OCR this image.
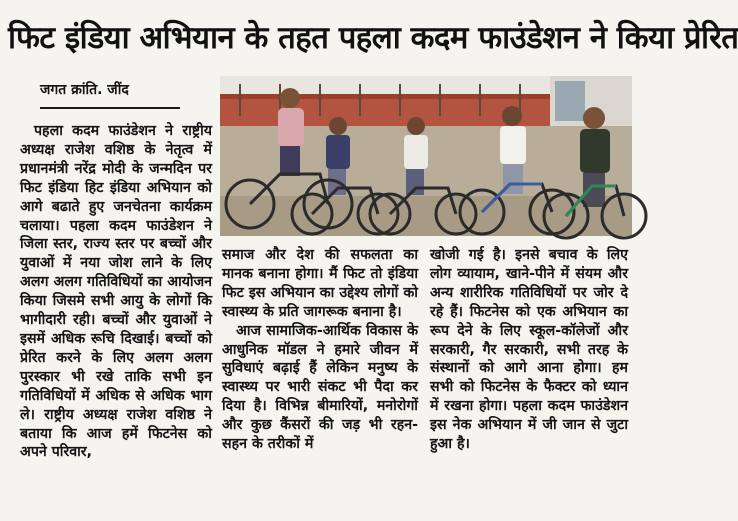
फिट इंडिया अभियान के तहत पहला कदम फाउंडेशन ने किया प्रेरित
जगत क्रांति. जींद

पहला कदम फाउंडेशन ने राष्ट्रीय अध्यक्ष राजेश वशिष्ठ के नेतृत्व में प्रधानमंत्री नरेंद्र मोदी के जन्मदिन पर फिट इंडिया हिट इंडिया अभियान को आगे बढाते हुए जनचेतना कार्यक्रम चलाया। पहला कदम फाउंडेशन ने जिला स्तर, राज्य स्तर पर बच्चों और युवाओं में नया जोश लाने के लिए अलग अलग गतिविधियों का आयोजन किया जिसमे सभी आयु के लोगों कि भागीदारी रही। बच्चों और युवाओं ने इसमें अधिक रूचि दिखाई। बच्चों को प्रेरित करने के लिए अलग अलग पुरस्कार भी रखे ताकि सभी इन गतिविधियों में अधिक से अधिक भाग ले। राष्ट्रीय अध्यक्ष राजेश वशिष्ठ ने बताया कि आज हमें फिटनेस को अपने परिवार,

समाज और देश की सफलता का मानक बनाना होगा। मैं फिट तो इंडिया फिट इस अभियान का उद्देश्य लोगों को स्वास्थ्य के प्रति जागरूक बनाना है।

आज सामाजिक-आर्थिक विकास के आधुनिक मॉडल ने हमारे जीवन में सुविधाएं बढ़ाई हैं लेकिन मनुष्य के स्वास्थ्य पर भारी संकट भी पैदा कर दिया है। विभिन्न बीमारियों, मनोरोगों और कुछ कैंसरों की जड़ भी रहन-सहन के तरीकों में

खोजी गई है। इनसे बचाव के लिए लोग व्यायाम, खाने-पीने में संयम और अन्य शारीरिक गतिविधियों पर जोर दे रहे हैं। फिटनेस को एक अभियान का रूप देने के लिए स्कूल-कॉलेजों और सरकारी, गैर सरकारी, सभी तरह के संस्थानों को आगे आना होगा। हम सभी को फिटनेस के फैक्टर को ध्यान में रखना होगा। पहला कदम फाउंडेशन इस नेक अभियान में जी जान से जुटा हुआ है।
